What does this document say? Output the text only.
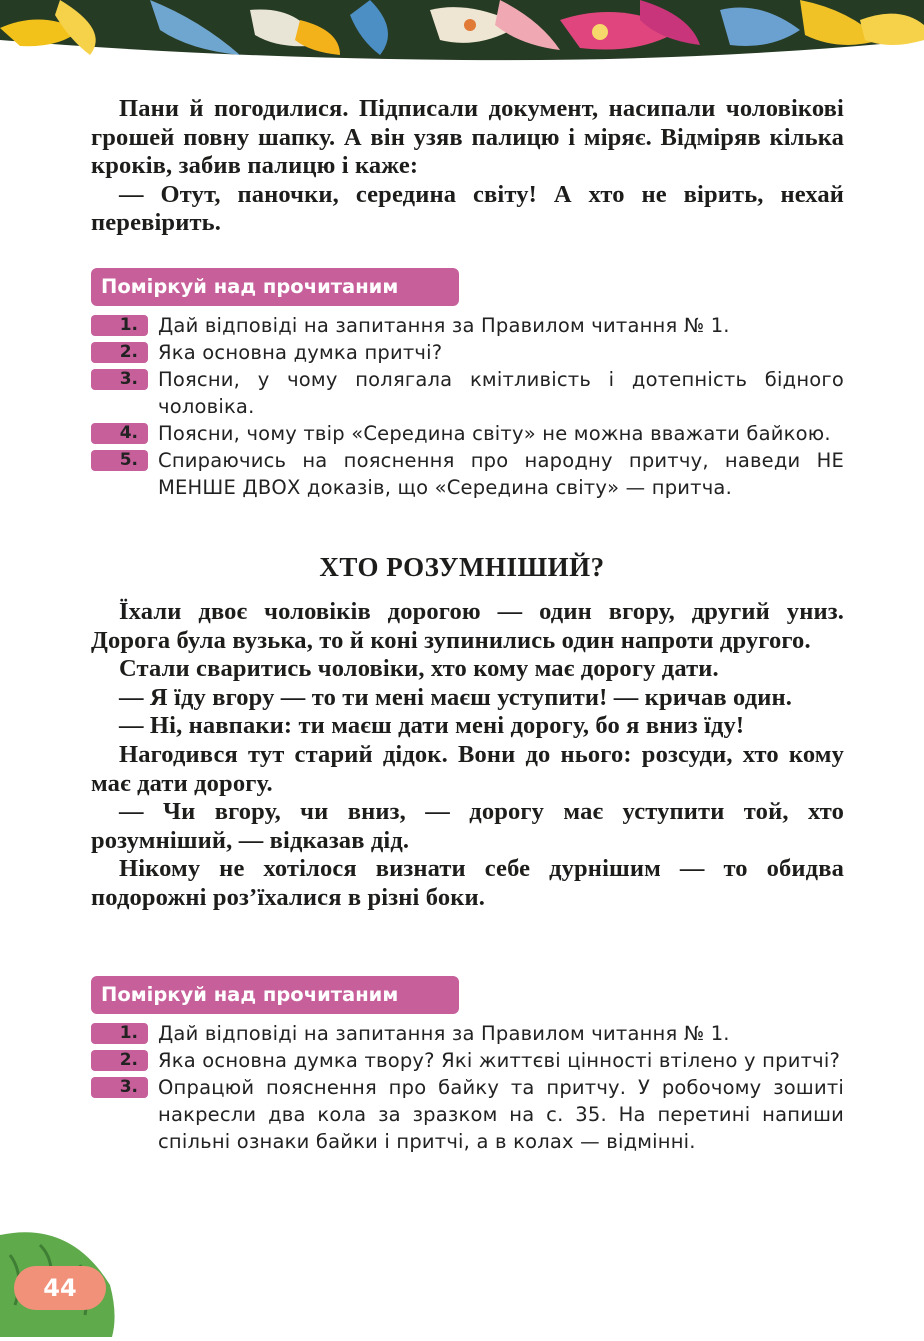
Пани й погодилися. Підписали документ, насипали чоловікові грошей повну шапку. А він узяв палицю і міряє. Відміряв кілька кроків, забив палицю і каже:

— Отут, паночки, середина світу! А хто не вірить, нехай перевірить.

Поміркуй над прочитаним
1.	Дай відповіді на запитання за Правилом читання № 1.
2.	Яка основна думка притчі?
3.	Поясни, у чому полягала кмітливість і дотепність бідного чоловіка.
4.	Поясни, чому твір «Середина світу» не можна вважати байкою.
5.	Спираючись на пояснення про народну притчу, наведи НЕ МЕНШЕ ДВОХ доказів, що «Середина світу» — притча.
ХТО РОЗУМНІШИЙ?

Їхали двоє чоловіків дорогою — один вгору, другий униз. Дорога була вузька, то й коні зупинились один напроти другого.

Стали сваритись чоловіки, хто кому має дорогу дати.

— Я їду вгору — то ти мені маєш уступити! — кричав один.

— Ні, навпаки: ти маєш дати мені дорогу, бо я вниз їду!

Нагодився тут старий дідок. Вони до нього: розсуди, хто кому має дати дорогу.

— Чи вгору, чи вниз, — дорогу має уступити той, хто розумніший, — відказав дід.

Нікому не хотілося визнати себе дурнішим — то обидва подорожні роз’їхалися в різні боки.

Поміркуй над прочитаним
1.	Дай відповіді на запитання за Правилом читання № 1.
2.	Яка основна думка твору? Які життєві цінності втілено у притчі?
3.	Опрацюй пояснення про байку та притчу. У робочому зошиті накресли два кола за зразком на с. 35. На перетині напиши спільні ознаки байки і притчі, а в колах — відмінні.
44
